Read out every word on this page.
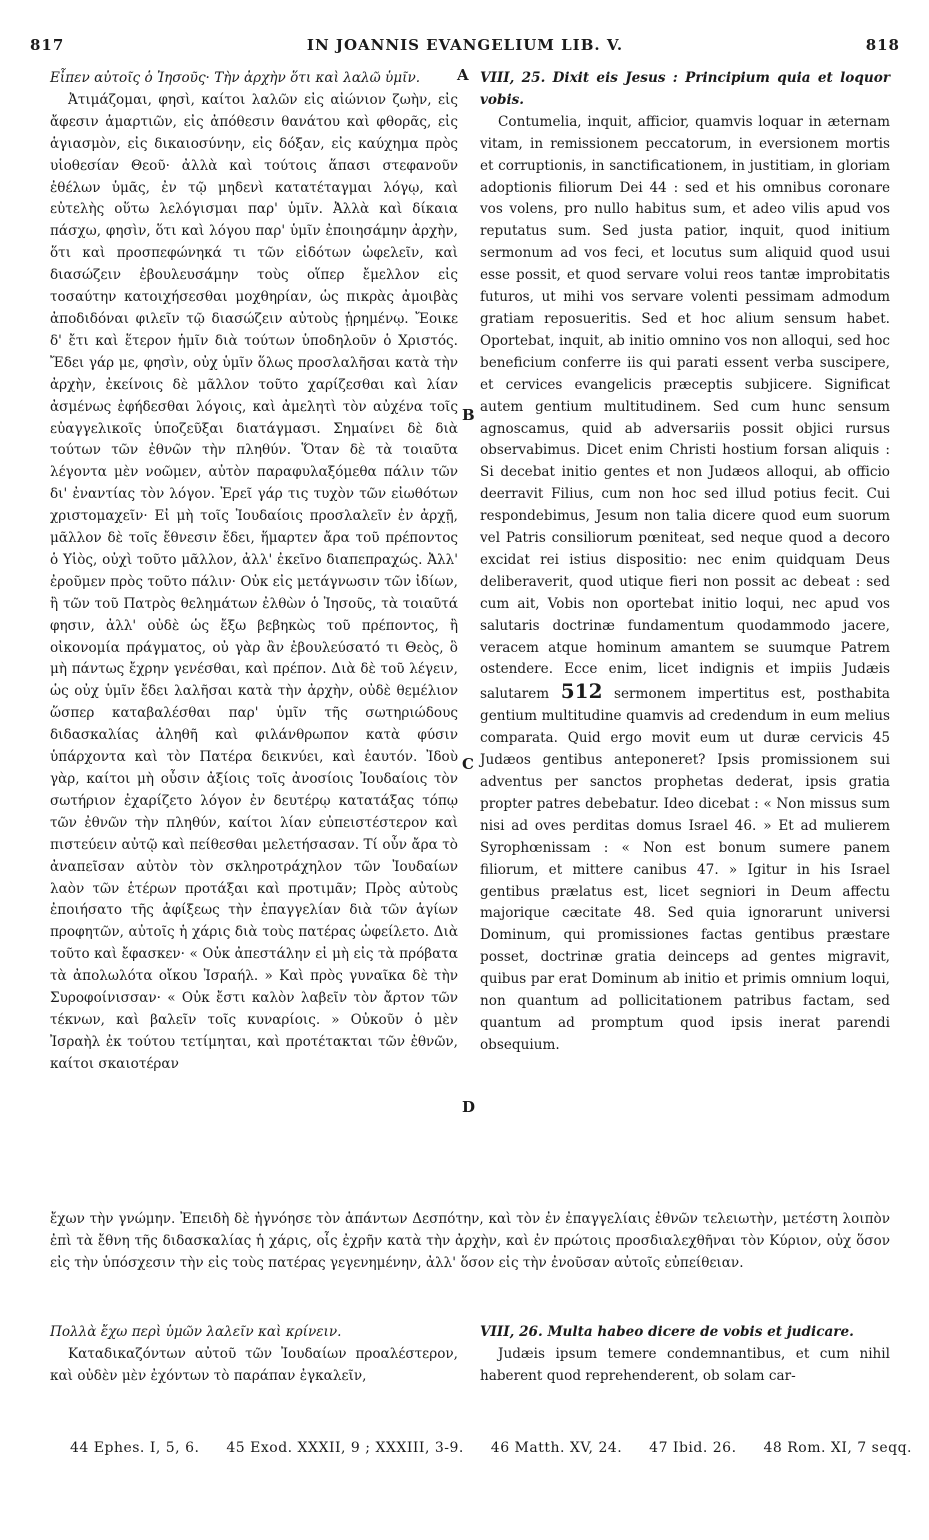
817	IN JOANNIS EVANGELIUM LIB. V.	818
A
B
C
D
Εἶπεν αὐτοῖς ὁ Ἰησοῦς· Τὴν ἀρχὴν ὅτι καὶ λαλῶ ὑμῖν.
Ἀτιμάζομαι, φησὶ, καίτοι λαλῶν εἰς αἰώνιον ζωὴν, εἰς ἄφεσιν ἁμαρτιῶν, εἰς ἀπόθεσιν θανάτου καὶ φθορᾶς, εἰς ἁγιασμὸν, εἰς δικαιοσύνην, εἰς δόξαν, εἰς καύχημα πρὸς υἱοθεσίαν Θεοῦ· ἀλλὰ καὶ τούτοις ἅπασι στεφανοῦν ἐθέλων ὑμᾶς, ἐν τῷ μηδενὶ κατατέταγμαι λόγῳ, καὶ εὐτελὴς οὕτω λελόγισμαι παρ' ὑμῖν. Ἀλλὰ καὶ δίκαια πάσχω, φησὶν, ὅτι καὶ λόγου παρ' ὑμῖν ἐποιησάμην ἀρχὴν, ὅτι καὶ προσπεφώνηκά τι τῶν εἰδότων ὠφελεῖν, καὶ διασώζειν ἐβουλευσάμην τοὺς οἵπερ ἔμελλον εἰς τοσαύτην κατοιχήσεσθαι μοχθηρίαν, ὡς πικρὰς ἀμοιβὰς ἀποδιδόναι φιλεῖν τῷ διασώζειν αὐτοὺς ᾑρημένῳ. Ἔοικε δ' ἔτι καὶ ἕτερον ἡμῖν διὰ τούτων ὑποδηλοῦν ὁ Χριστός. Ἔδει γάρ με, φησὶν, οὐχ ὑμῖν ὅλως προσλαλῆσαι κατὰ τὴν ἀρχὴν, ἐκείνοις δὲ μᾶλλον τοῦτο χαρίζεσθαι καὶ λίαν ἀσμένως ἐφήδεσθαι λόγοις, καὶ ἀμελητὶ τὸν αὐχένα τοῖς εὐαγγελικοῖς ὑποζεῦξαι διατάγμασι. Σημαίνει δὲ διὰ τούτων τῶν ἐθνῶν τὴν πληθύν. Ὅταν δὲ τὰ τοιαῦτα λέγοντα μὲν νοῶμεν, αὐτὸν παραφυλαξόμεθα πάλιν τῶν δι' ἐναντίας τὸν λόγον. Ἐρεῖ γάρ τις τυχὸν τῶν εἰωθότων χριστομαχεῖν· Εἰ μὴ τοῖς Ἰουδαίοις προσλαλεῖν ἐν ἀρχῇ, μᾶλλον δὲ τοῖς ἔθνεσιν ἔδει, ἥμαρτεν ἄρα τοῦ πρέποντος ὁ Υἱὸς, οὐχὶ τοῦτο μᾶλλον, ἀλλ' ἐκεῖνο διαπεπραχώς. Ἀλλ' ἐροῦμεν πρὸς τοῦτο πάλιν· Οὐκ εἰς μετάγνωσιν τῶν ἰδίων, ἢ τῶν τοῦ Πατρὸς θελημάτων ἐλθὼν ὁ Ἰησοῦς, τὰ τοιαῦτά φησιν, ἀλλ' οὐδὲ ὡς ἔξω βεβηκὼς τοῦ πρέποντος, ἢ οἰκονομία πράγματος, οὐ γὰρ ἂν ἐβουλεύσατό τι Θεὸς, ὃ μὴ πάντως ἔχρην γενέσθαι, καὶ πρέπον. Διὰ δὲ τοῦ λέγειν, ὡς οὐχ ὑμῖν ἔδει λαλῆσαι κατὰ τὴν ἀρχὴν, οὐδὲ θεμέλιον ὥσπερ καταβαλέσθαι παρ' ὑμῖν τῆς σωτηριώδους διδασκαλίας ἀληθῆ καὶ φιλάνθρωπον κατὰ φύσιν ὑπάρχοντα καὶ τὸν Πατέρα δεικνύει, καὶ ἑαυτόν. Ἰδοὺ γὰρ, καίτοι μὴ οὖσιν ἀξίοις τοῖς ἀνοσίοις Ἰουδαίοις τὸν σωτήριον ἐχαρίζετο λόγον ἐν δευτέρῳ κατατάξας τόπῳ τῶν ἐθνῶν τὴν πληθύν, καίτοι λίαν εὐπειστέστερον καὶ πιστεύειν αὐτῷ καὶ πείθεσθαι μελετήσασαν. Τί οὖν ἄρα τὸ ἀναπεῖσαν αὐτὸν τὸν σκληροτράχηλον τῶν Ἰουδαίων λαὸν τῶν ἑτέρων προτάξαι καὶ προτιμᾶν; Πρὸς αὐτοὺς ἐποιήσατο τῆς ἀφίξεως τὴν ἐπαγγελίαν διὰ τῶν ἁγίων προφητῶν, αὐτοῖς ἡ χάρις διὰ τοὺς πατέρας ὠφείλετο. Διὰ τοῦτο καὶ ἔφασκεν· « Οὐκ ἀπεστάλην εἰ μὴ εἰς τὰ πρόβατα τὰ ἀπολωλότα οἴκου Ἰσραήλ. » Καὶ πρὸς γυναῖκα δὲ τὴν Συροφοίνισσαν· « Οὐκ ἔστι καλὸν λαβεῖν τὸν ἄρτον τῶν τέκνων, καὶ βαλεῖν τοῖς κυναρίοις. » Οὐκοῦν ὁ μὲν Ἰσραὴλ ἐκ τούτου τετίμηται, καὶ προτέτακται τῶν ἐθνῶν, καίτοι σκαιοτέραν
VIII, 25. Dixit eis Jesus : Principium quia et loquor vobis.
Contumelia, inquit, afficior, quamvis loquar in æternam vitam, in remissionem peccatorum, in eversionem mortis et corruptionis, in sanctificationem, in justitiam, in gloriam adoptionis filiorum Dei 44 : sed et his omnibus coronare vos volens, pro nullo habitus sum, et adeo vilis apud vos reputatus sum. Sed justa patior, inquit, quod initium sermonum ad vos feci, et locutus sum aliquid quod usui esse possit, et quod servare volui reos tantæ improbitatis futuros, ut mihi vos servare volenti pessimam admodum gratiam reposueritis. Sed et hoc alium sensum habet. Oportebat, inquit, ab initio omnino vos non alloqui, sed hoc beneficium conferre iis qui parati essent verba suscipere, et cervices evangelicis præceptis subjicere. Significat autem gentium multitudinem. Sed cum hunc sensum agnoscamus, quid ab adversariis possit objici rursus observabimus. Dicet enim Christi hostium forsan aliquis : Si decebat initio gentes et non Judæos alloqui, ab officio deerravit Filius, cum non hoc sed illud potius fecit. Cui respondebimus, Jesum non talia dicere quod eum suorum vel Patris consiliorum pœniteat, sed neque quod a decoro excidat rei istius dispositio: nec enim quidquam Deus deliberaverit, quod utique fieri non possit ac debeat : sed cum ait, Vobis non oportebat initio loqui, nec apud vos salutaris doctrinæ fundamentum quodammodo jacere, veracem atque hominum amantem se suumque Patrem ostendere. Ecce enim, licet indignis et impiis Judæis salutarem 512 sermonem impertitus est, posthabita gentium multitudine quamvis ad credendum in eum melius comparata. Quid ergo movit eum ut duræ cervicis 45 Judæos gentibus anteponeret? Ipsis promissionem sui adventus per sanctos prophetas dederat, ipsis gratia propter patres debebatur. Ideo dicebat : « Non missus sum nisi ad oves perditas domus Israel 46. » Et ad mulierem Syrophœnissam : « Non est bonum sumere panem filiorum, et mittere canibus 47. » Igitur in his Israel gentibus prælatus est, licet segniori in Deum affectu majorique cæcitate 48. Sed quia ignorarunt universi Dominum, qui promissiones factas gentibus præstare posset, doctrinæ gratia deinceps ad gentes migravit, quibus par erat Dominum ab initio et primis omnium loqui, non quantum ad pollicitationem patribus factam, sed quantum ad promptum quod ipsis inerat parendi obsequium.
ἔχων τὴν γνώμην. Ἐπειδὴ δὲ ἠγνόησε τὸν ἁπάντων Δεσπότην, καὶ τὸν ἐν ἐπαγγελίαις ἐθνῶν τελειωτὴν, μετέστη λοιπὸν ἐπὶ τὰ ἔθνη τῆς διδασκαλίας ἡ χάρις, οἷς ἐχρῆν κατὰ τὴν ἀρχὴν, καὶ ἐν πρώτοις προσδιαλεχθῆναι τὸν Κύριον, οὐχ ὅσον εἰς τὴν ὑπόσχεσιν τὴν εἰς τοὺς πατέρας γεγενημένην, ἀλλ' ὅσον εἰς τὴν ἐνοῦσαν αὐτοῖς εὐπείθειαν.
Πολλὰ ἔχω περὶ ὑμῶν λαλεῖν καὶ κρίνειν.
Καταδικαζόντων αὐτοῦ τῶν Ἰουδαίων προαλέστερον, καὶ οὐδὲν μὲν ἐχόντων τὸ παράπαν ἐγκαλεῖν,
VIII, 26. Multa habeo dicere de vobis et judicare.
Judæis ipsum temere condemnantibus, et cum nihil haberent quod reprehenderent, ob solam car-
44 Ephes. I, 5, 6. 45 Exod. XXXII, 9 ; XXXIII, 3-9. 46 Matth. XV, 24. 47 Ibid. 26. 48 Rom. XI, 7 seqq.
